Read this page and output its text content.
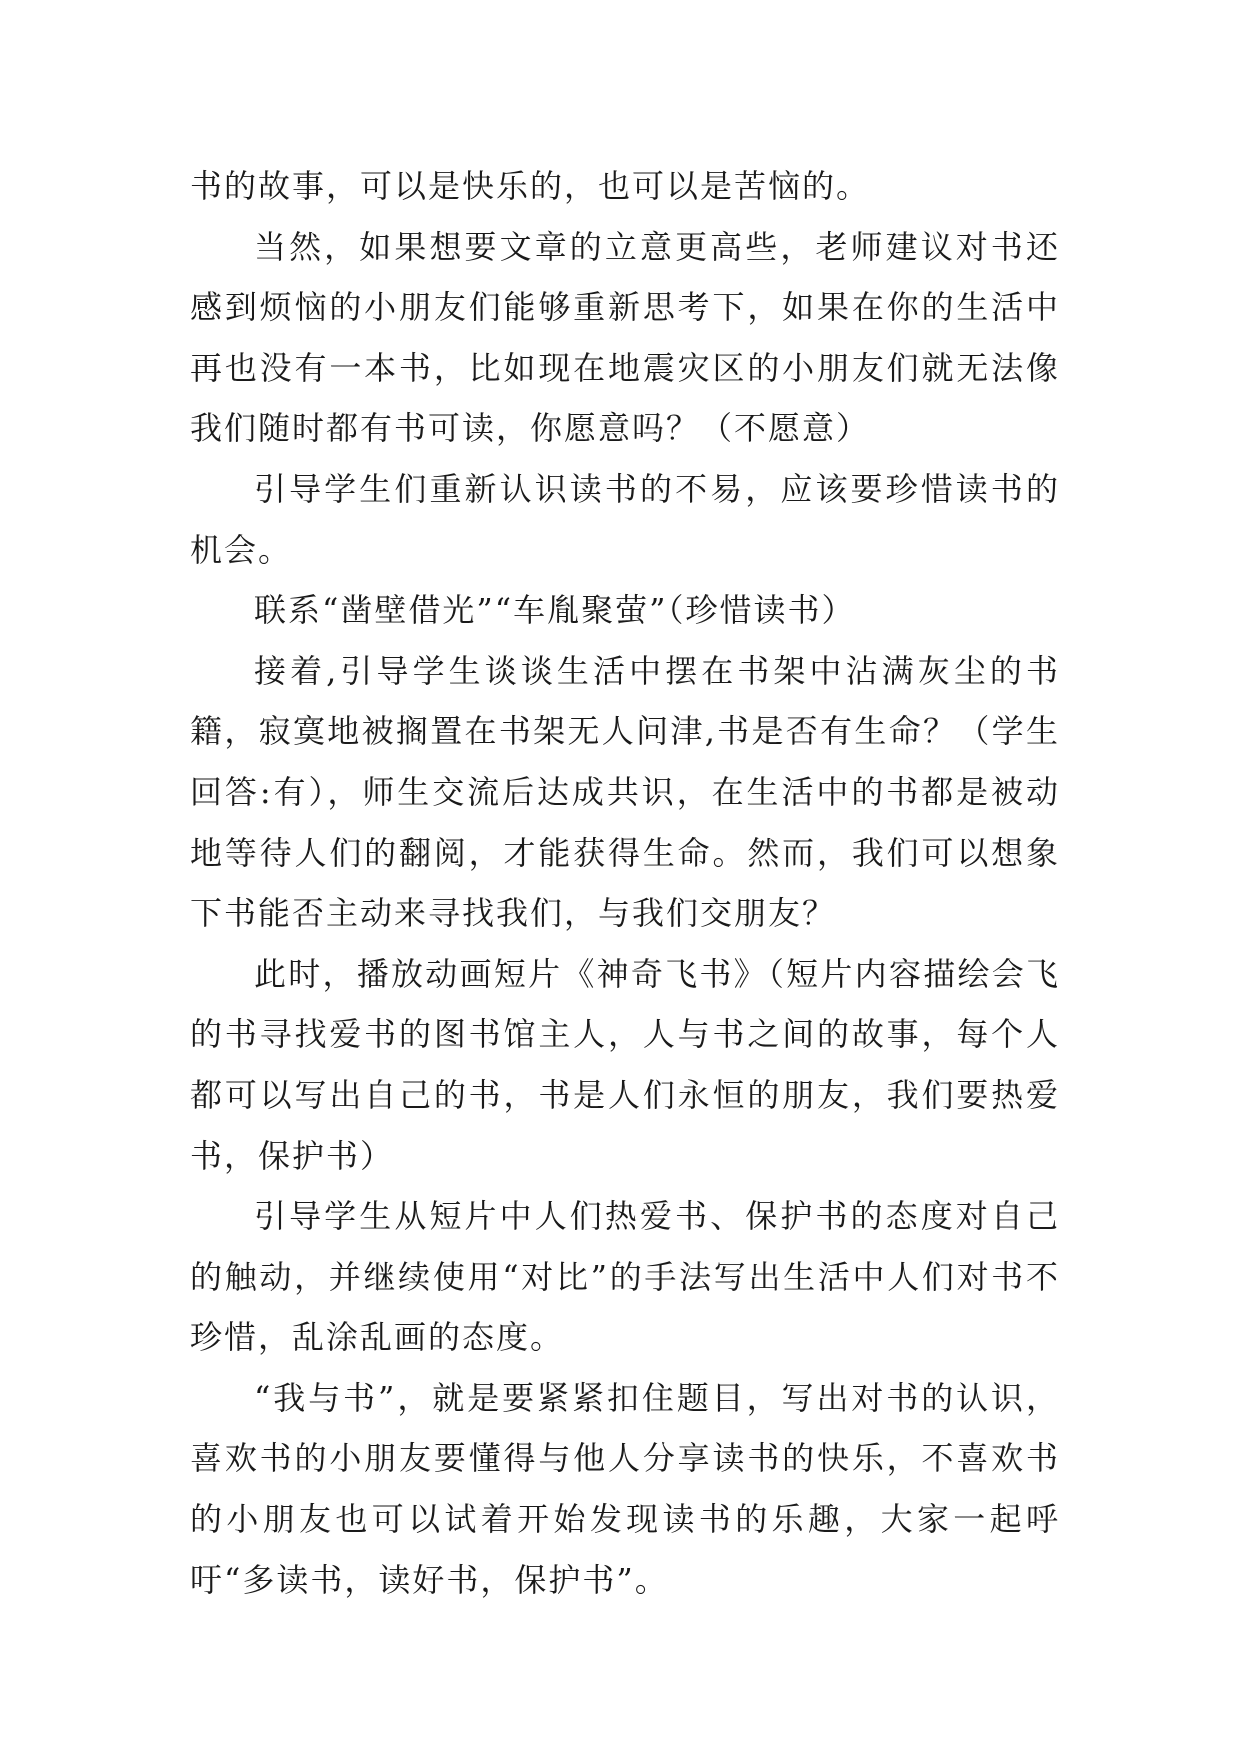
书的故事，可以是快乐的，也可以是苦恼的。

当然，如果想要文章的立意更高些，老师建议对书还感到烦恼的小朋友们能够重新思考下，如果在你的生活中再也没有一本书，比如现在地震灾区的小朋友们就无法像我们随时都有书可读，你愿意吗？（不愿意）

引导学生们重新认识读书的不易，应该要珍惜读书的机会。

联系“凿壁借光”“车胤聚萤”（珍惜读书）

接着,引导学生谈谈生活中摆在书架中沾满灰尘的书籍，寂寞地被搁置在书架无人问津,书是否有生命？（学生回答:有），师生交流后达成共识，在生活中的书都是被动地等待人们的翻阅，才能获得生命。然而，我们可以想象下书能否主动来寻找我们，与我们交朋友？

此时，播放动画短片《神奇飞书》（短片内容描绘会飞的书寻找爱书的图书馆主人，人与书之间的故事，每个人都可以写出自己的书，书是人们永恒的朋友，我们要热爱书，保护书）

引导学生从短片中人们热爱书、保护书的态度对自己的触动，并继续使用“对比”的手法写出生活中人们对书不珍惜，乱涂乱画的态度。

“我与书”，就是要紧紧扣住题目，写出对书的认识，喜欢书的小朋友要懂得与他人分享读书的快乐，不喜欢书的小朋友也可以试着开始发现读书的乐趣，大家一起呼吁“多读书，读好书，保护书”。
